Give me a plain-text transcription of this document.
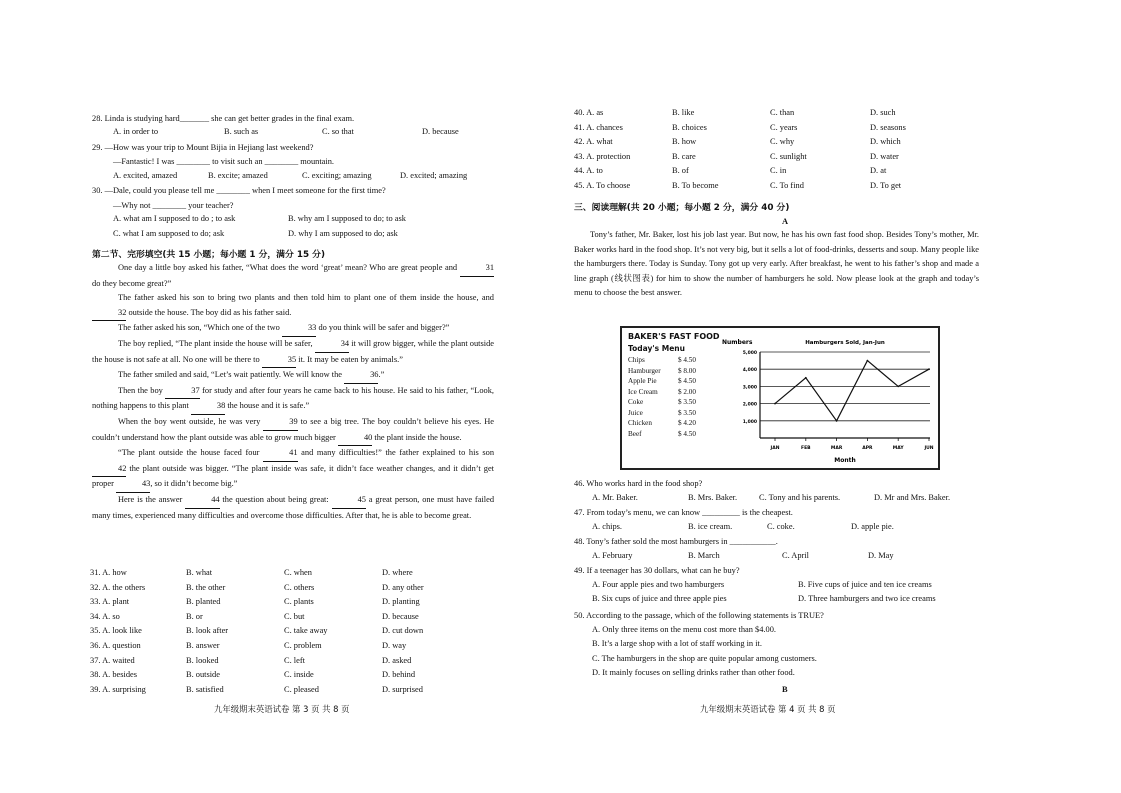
28. Linda is studying hard_______ she can get better grades in the final exam.
A. in order to	B. such as	C. so that	D. because
29. —How was your trip to Mount Bijia in Hejiang last weekend?
—Fantastic! I was ________ to visit such an ________ mountain.
A. excited, amazed	B. excite; amazed	C. exciting; amazing	D. excited; amazing
30. —Dale, could you please tell me ________ when I meet someone for the first time?
—Why not ________ your teacher?
A. what am I supposed to do ; to ask	B. why am I supposed to do; to ask
C. what I am supposed to do; ask	D. why I am supposed to do; ask
第二节、完形填空(共 15 小题；每小题 1 分，满分 15 分)
One day a little boy asked his father, “What does the word ‘great’ mean? Who are great people and	31 do they become great?”
The father asked his son to bring two plants and then told him to plant one of them inside the house, and 32 outside the house. The boy did as his father said.
The father asked his son, “Which one of the two	33 do you think will be safer and bigger?”
The boy replied, “The plant inside the house will be safer,	34 it will grow bigger, while the plant outside the house is not safe at all. No one will be there to	35 it. It may be eaten by animals.”
The father smiled and said, “Let’s wait patiently. We will know the	36.”
Then the boy	37 for study and after four years he came back to his house. He said to his father, “Look, nothing happens to this plant	38 the house and it is safe.”
When the boy went outside, he was very	39 to see a big tree. The boy couldn’t believe his eyes. He couldn’t understand how the plant outside was able to grow much bigger	40 the plant inside the house.
“The plant outside the house faced four	41 and many difficulties!” the father explained to his son 42 the plant outside was bigger. “The plant inside was safe, it didn’t face weather changes, and it didn’t get proper	43, so it didn’t become big.”
Here is the answer	44 the question about being great:	45 a great person, one must have failed many times, experienced many difficulties and overcome those difficulties. After that, he is able to become great.
31. A. how	B. what	C. when	D. where
32. A. the others	B. the other	C. others	D. any other
33. A. plant	B. planted	C. plants	D. planting
34. A. so	B. or	C. but	D. because
35. A. look like	B. look after	C. take away	D. cut down
36. A. question	B. answer	C. problem	D. way
37. A. waited	B. looked	C. left	D. asked
38. A. besides	B. outside	C. inside	D. behind
39. A. surprising	B. satisfied	C. pleased	D. surprised
九年级期末英语试卷 第 3 页 共 8 页
40. A. as	B. like	C. than	D. such
41. A. chances	B. choices	C. years	D. seasons
42. A. what	B. how	C. why	D. which
43. A. protection	B. care	C. sunlight	D. water
44. A. to	B. of	C. in	D. at
45. A. To choose	B. To become	C. To find	D. To get
三、阅读理解(共 20 小题；每小题 2 分，满分 40 分)
A
Tony’s father, Mr. Baker, lost his job last year. But now, he has his own fast food shop. Besides Tony’s mother, Mr. Baker works hard in the food shop. It’s not very big, but it sells a lot of food-drinks, desserts and soup. Many people like the hamburgers there. Today is Sunday. Tony got up very early. After breakfast, he went to his father’s shop and made a line graph (线状图表) for him to show the number of hamburgers he sold. Now please look at the graph and today’s menu to choose the best answer.
46. Who works hard in the food shop?
A. Mr. Baker.	B. Mrs. Baker.	C. Tony and his parents.	D. Mr and Mrs. Baker.
47. From today’s menu, we can know _________ is the cheapest.
A. chips.	B. ice cream.	C. coke.	D. apple pie.
48. Tony’s father sold the most hamburgers in ___________.
A. February	B. March	C. April	D. May
49. If a teenager has 30 dollars, what can he buy?
A. Four apple pies and two hamburgers	B. Five cups of juice and ten ice creams
B. Six cups of juice and three apple pies	D. Three hamburgers and two ice creams
50. According to the passage, which of the following statements is TRUE?
A. Only three items on the menu cost more than $4.00.
B. It’s a large shop with a lot of staff working in it.
C. The hamburgers in the shop are quite popular among customers.
D. It mainly focuses on selling drinks rather than other food.
B
九年级期末英语试卷 第 4 页 共 8 页
BAKER'S FAST FOOD
Today's Menu
Chips	$ 4.50
Hamburger $ 8.00
Apple Pie	$ 4.50
Ice Cream	$ 2.00
Coke	$ 3.50
Juice	$ 3.50
Chicken	$ 4.20
Beef	$ 4.50
Hamburgers Sold, Jan-Jun
Numbers
Month
1,000
2,000
3,000
4,000
5,000
JAN	FEB	MAR	APR	MAY	JUN
